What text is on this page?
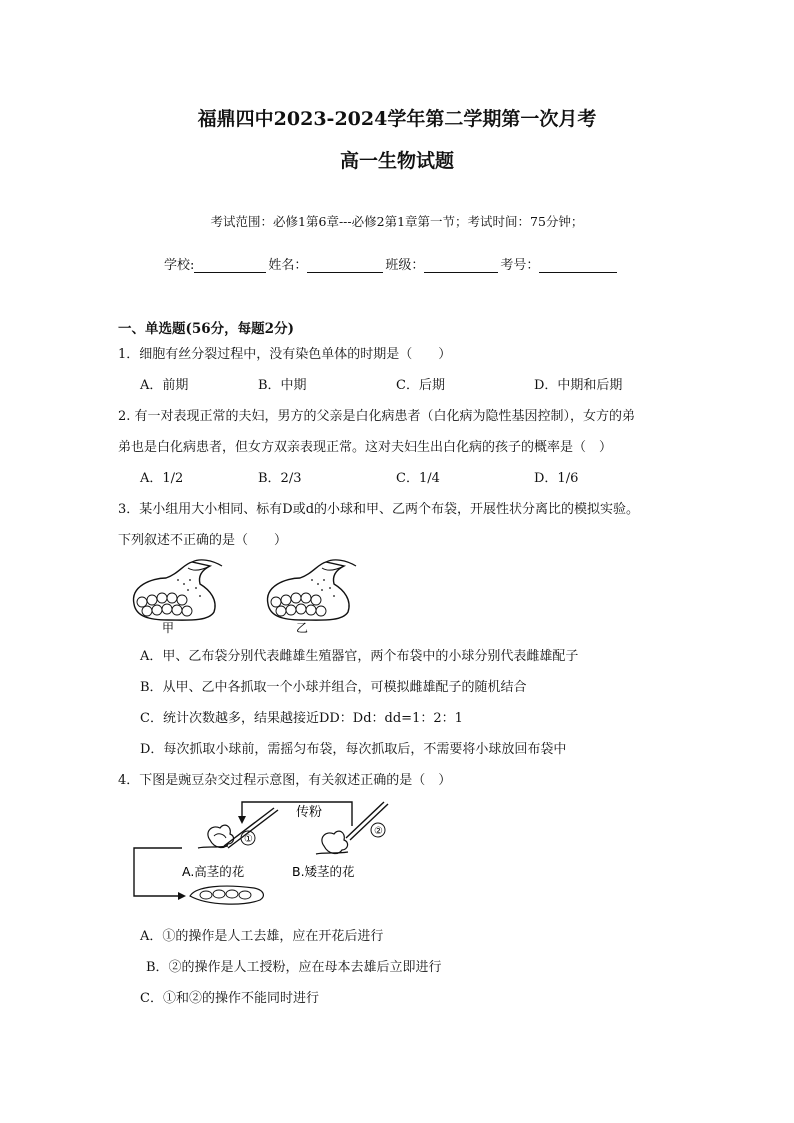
福鼎四中2023-2024学年第二学期第一次月考
高一生物试题
考试范围：必修1第6章---必修2第1章第一节；考试时间：75分钟；
学校:	姓名：	班级：	考号：
一、单选题(56分，每题2分)
1．细胞有丝分裂过程中，没有染色单体的时期是（　　）
A．前期	B．中期	C．后期	D．中期和后期
2. 有一对表现正常的夫妇，男方的父亲是白化病患者（白化病为隐性基因控制），女方的弟
弟也是白化病患者，但女方双亲表现正常。这对夫妇生出白化病的孩子的概率是（　）
A．1/2	B．2/3	C．1/4	D．1/6
3．某小组用大小相同、标有D或d的小球和甲、乙两个布袋，开展性状分离比的模拟实验。
下列叙述不正确的是（　　）
甲	乙
A．甲、乙布袋分别代表雌雄生殖器官，两个布袋中的小球分别代表雌雄配子
B．从甲、乙中各抓取一个小球并组合，可模拟雌雄配子的随机结合
C．统计次数越多，结果越接近DD：Dd：dd=1：2：1
D．每次抓取小球前，需摇匀布袋，每次抓取后，不需要将小球放回布袋中
4．下图是豌豆杂交过程示意图，有关叙述正确的是（　）
传粉
①
A.高茎的花
②
B.矮茎的花
A．①的操作是人工去雄，应在开花后进行
B．②的操作是人工授粉，应在母本去雄后立即进行
C．①和②的操作不能同时进行
